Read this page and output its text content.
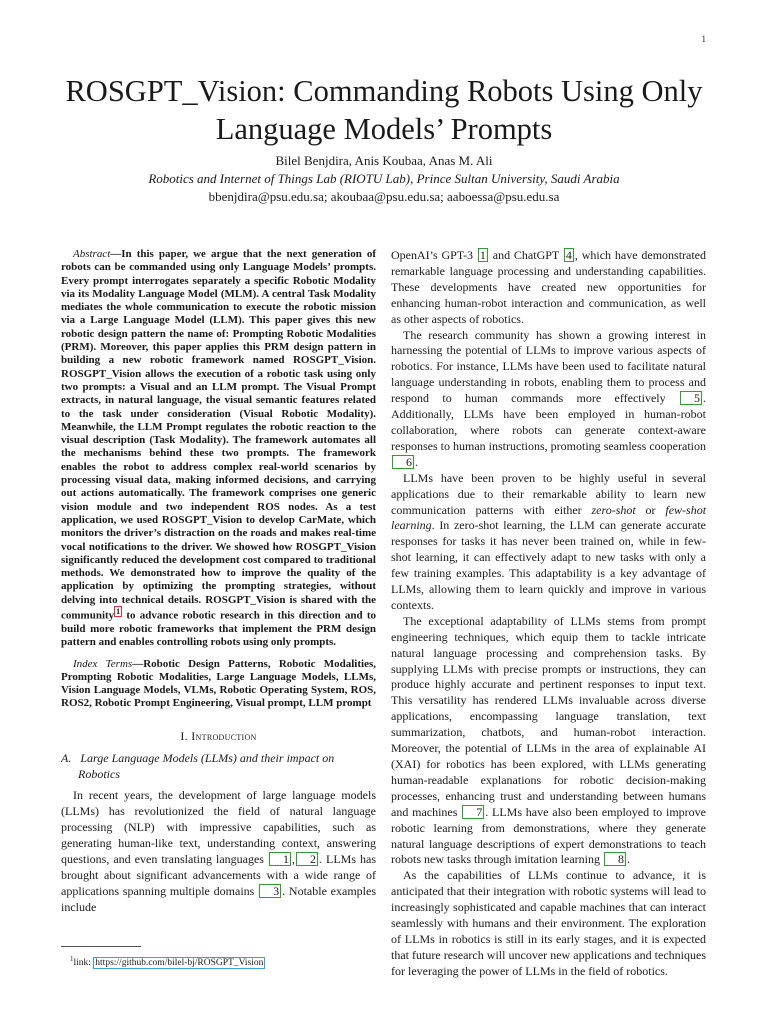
1
ROSGPT_Vision: Commanding Robots Using Only Language Models’ Prompts
Bilel Benjdira, Anis Koubaa, Anas M. Ali
Robotics and Internet of Things Lab (RIOTU Lab), Prince Sultan University, Saudi Arabia
bbenjdira@psu.edu.sa; akoubaa@psu.edu.sa; aaboessa@psu.edu.sa

Abstract—In this paper, we argue that the next generation of robots can be commanded using only Language Models’ prompts. Every prompt interrogates separately a specific Robotic Modality via its Modality Language Model (MLM). A central Task Modality mediates the whole communication to execute the robotic mission via a Large Language Model (LLM). This paper gives this new robotic design pattern the name of: Prompting Robotic Modalities (PRM). Moreover, this paper applies this PRM design pattern in building a new robotic framework named ROSGPT_Vision. ROSGPT_Vision allows the execution of a robotic task using only two prompts: a Visual and an LLM prompt. The Visual Prompt extracts, in natural language, the visual semantic features related to the task under consideration (Visual Robotic Modality). Meanwhile, the LLM Prompt regulates the robotic reaction to the visual description (Task Modality). The framework automates all the mechanisms behind these two prompts. The framework enables the robot to address complex real-world scenarios by processing visual data, making informed decisions, and carrying out actions automatically. The framework comprises one generic vision module and two independent ROS nodes. As a test application, we used ROSGPT_Vision to develop CarMate, which monitors the driver’s distraction on the roads and makes real-time vocal notifications to the driver. We showed how ROSGPT_Vision significantly reduced the development cost compared to traditional methods. We demonstrated how to improve the quality of the application by optimizing the prompting strategies, without delving into technical details. ROSGPT_Vision is shared with the community $^1$ to advance robotic research in this direction and to build more robotic frameworks that implement the PRM design pattern and enables controlling robots using only prompts.

Index Terms—Robotic Design Patterns, Robotic Modalities, Prompting Robotic Modalities, Large Language Models, LLMs, Vision Language Models, VLMs, Robotic Operating System, ROS, ROS2, Robotic Prompt Engineering, Visual prompt, LLM prompt

I. Introduction
A. Large Language Models (LLMs) and their impact on Robotics

In recent years, the development of large language models (LLMs) has revolutionized the field of natural language processing (NLP) with impressive capabilities, such as generating human-like text, understanding context, answering questions, and even translating languages 1 , 2 . LLMs has brought about significant advancements with a wide range of applications spanning multiple domains 3 . Notable examples include

OpenAI’s GPT-3 1 and ChatGPT 4 , which have demonstrated remarkable language processing and understanding capabilities. These developments have created new opportunities for enhancing human-robot interaction and communication, as well as other aspects of robotics.

The research community has shown a growing interest in harnessing the potential of LLMs to improve various aspects of robotics. For instance, LLMs have been used to facilitate natural language understanding in robots, enabling them to process and respond to human commands more effectively 5 . Additionally, LLMs have been employed in human-robot collaboration, where robots can generate context-aware responses to human instructions, promoting seamless cooperation 6 .

LLMs have been proven to be highly useful in several applications due to their remarkable ability to learn new communication patterns with either zero-shot or few-shot learning. In zero-shot learning, the LLM can generate accurate responses for tasks it has never been trained on, while in few-shot learning, it can effectively adapt to new tasks with only a few training examples. This adaptability is a key advantage of LLMs, allowing them to learn quickly and improve in various contexts.

The exceptional adaptability of LLMs stems from prompt engineering techniques, which equip them to tackle intricate natural language processing and comprehension tasks. By supplying LLMs with precise prompts or instructions, they can produce highly accurate and pertinent responses to input text. This versatility has rendered LLMs invaluable across diverse applications, encompassing language translation, text summarization, chatbots, and human-robot interaction. Moreover, the potential of LLMs in the area of explainable AI (XAI) for robotics has been explored, with LLMs generating human-readable explanations for robotic decision-making processes, enhancing trust and understanding between humans and machines 7 . LLMs have also been employed to improve robotic learning from demonstrations, where they generate natural language descriptions of expert demonstrations to teach robots new tasks through imitation learning 8 .

As the capabilities of LLMs continue to advance, it is anticipated that their integration with robotic systems will lead to increasingly sophisticated and capable machines that can interact seamlessly with humans and their environment. The exploration of LLMs in robotics is still in its early stages, and it is expected that future research will uncover new applications and techniques for leveraging the power of LLMs in the field of robotics.

$^1$link: https://github.com/bilel-bj/ROSGPT_Vision
